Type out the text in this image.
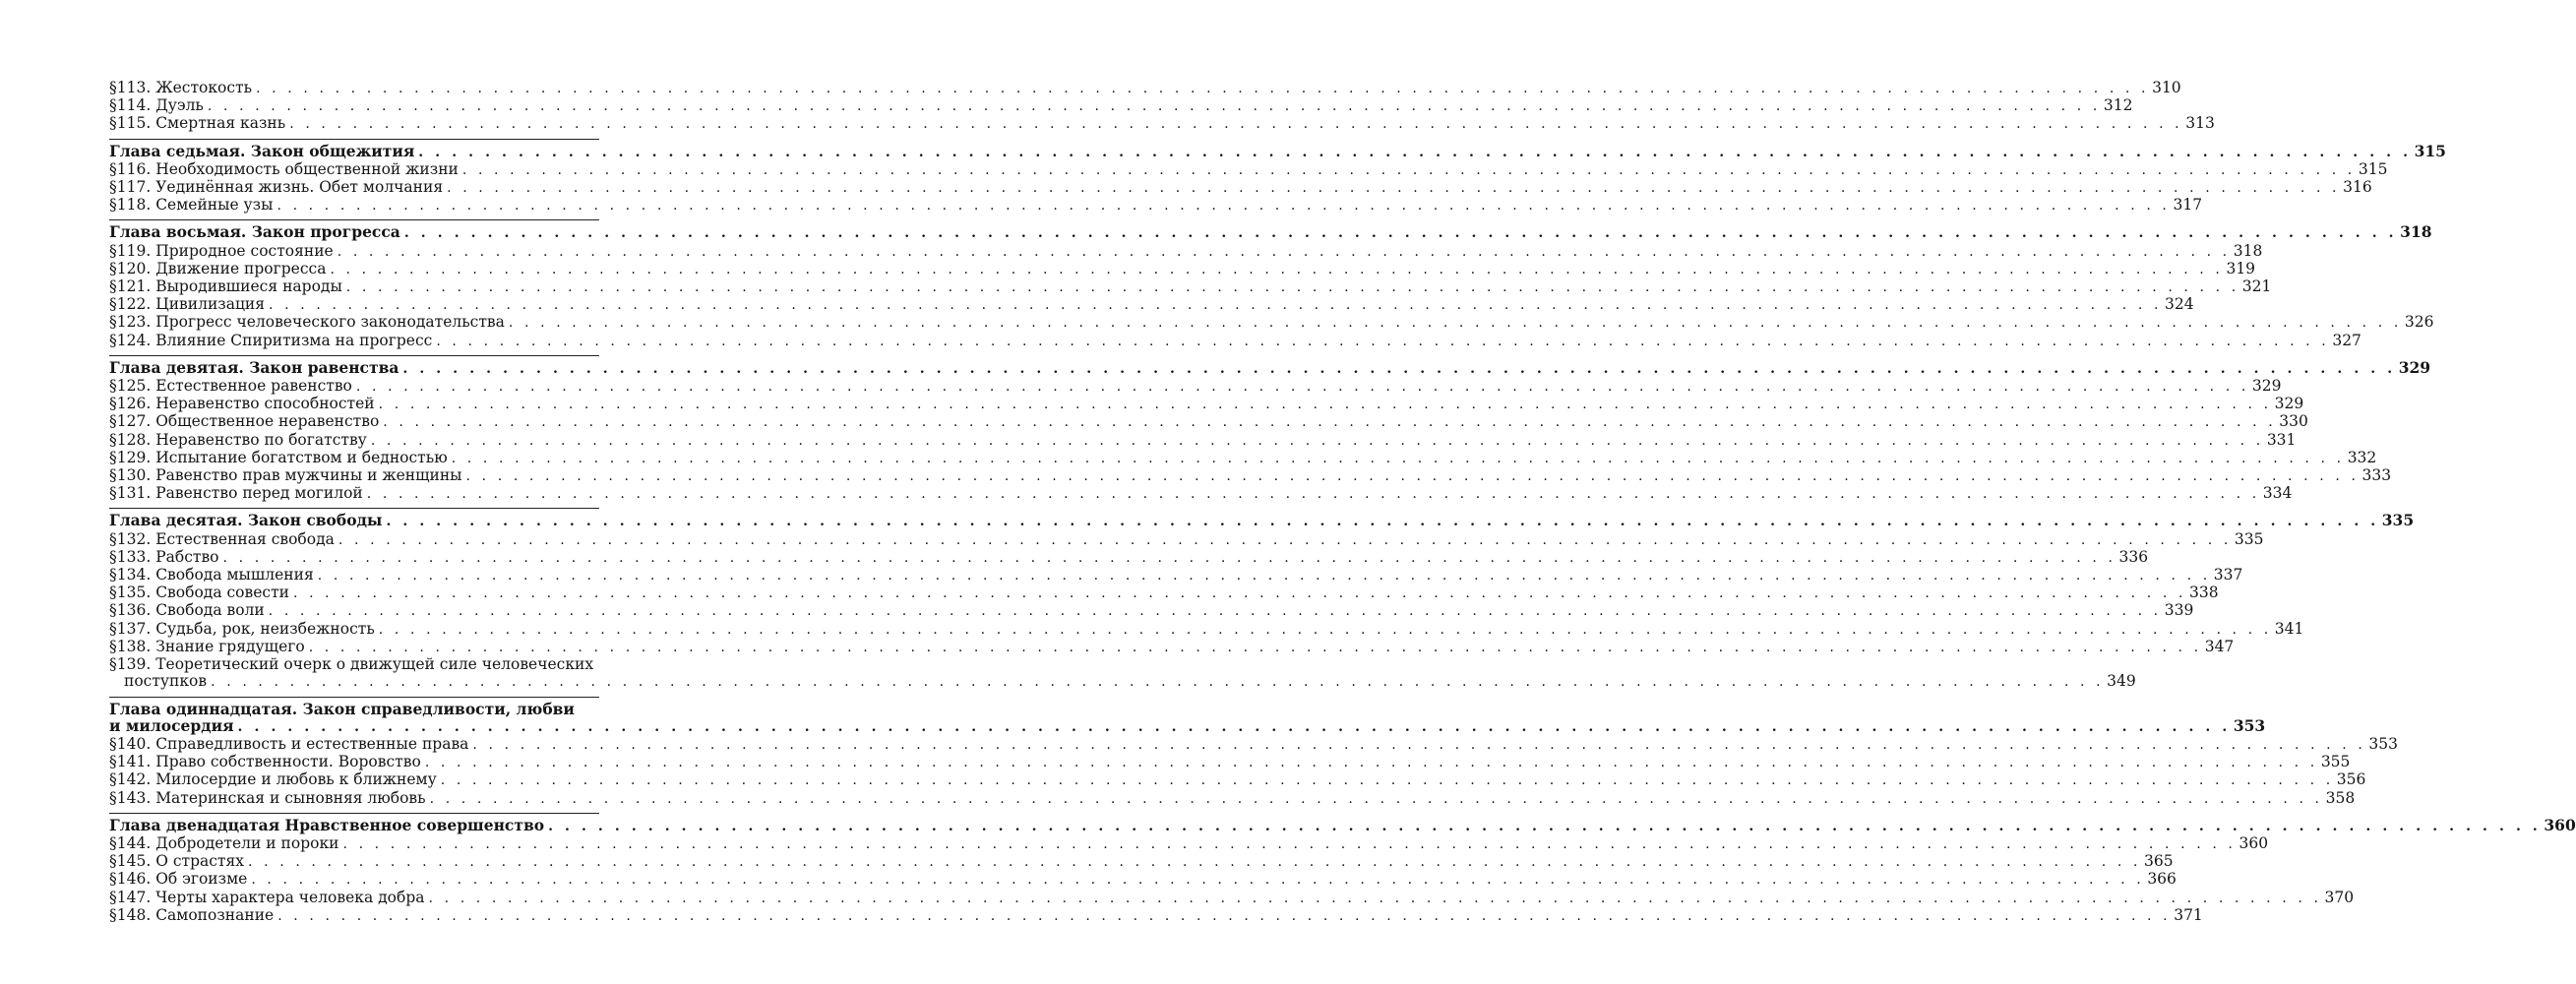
§113. Жестокость . . . . . . . . . . . . . . . . . . . . . . . . . . . . . . . . . . . . . . . . . . . . . . . . . . . . . . . . . . . . . . . . . . . . . . . . . . . . . . . . . . . . . . . . . . . . . . . . . . . . . . . . . . . . . . . . . . . . . . . . 310
§114. Дуэль . . . . . . . . . . . . . . . . . . . . . . . . . . . . . . . . . . . . . . . . . . . . . . . . . . . . . . . . . . . . . . . . . . . . . . . . . . . . . . . . . . . . . . . . . . . . . . . . . . . . . . . . . . . . . . . . . . . . . . . . 312
§115. Смертная казнь . . . . . . . . . . . . . . . . . . . . . . . . . . . . . . . . . . . . . . . . . . . . . . . . . . . . . . . . . . . . . . . . . . . . . . . . . . . . . . . . . . . . . . . . . . . . . . . . . . . . . . . . . . . . . . . . . . . . . . . . 313
Глава седьмая. Закон общежития . . . . . . . . . . . . . . . . . . . . . . . . . . . . . . . . . . . . . . . . . . . . . . . . . . . . . . . . . . . . . . . . . . . . . . . . . . . . . . . . . . . . . . . . . . . . . . . . . . . . . . . . . . . . . . . . . . . . . . . . 315
§116. Необходимость общественной жизни . . . . . . . . . . . . . . . . . . . . . . . . . . . . . . . . . . . . . . . . . . . . . . . . . . . . . . . . . . . . . . . . . . . . . . . . . . . . . . . . . . . . . . . . . . . . . . . . . . . . . . . . . . . . . . . . . . . . . . . . 315
§117. Уединённая жизнь. Обет молчания . . . . . . . . . . . . . . . . . . . . . . . . . . . . . . . . . . . . . . . . . . . . . . . . . . . . . . . . . . . . . . . . . . . . . . . . . . . . . . . . . . . . . . . . . . . . . . . . . . . . . . . . . . . . . . . . . . . . . . . . 316
§118. Семейные узы . . . . . . . . . . . . . . . . . . . . . . . . . . . . . . . . . . . . . . . . . . . . . . . . . . . . . . . . . . . . . . . . . . . . . . . . . . . . . . . . . . . . . . . . . . . . . . . . . . . . . . . . . . . . . . . . . . . . . . . . 317
Глава восьмая. Закон прогресса . . . . . . . . . . . . . . . . . . . . . . . . . . . . . . . . . . . . . . . . . . . . . . . . . . . . . . . . . . . . . . . . . . . . . . . . . . . . . . . . . . . . . . . . . . . . . . . . . . . . . . . . . . . . . . . . . . . . . . . . 318
§119. Природное состояние . . . . . . . . . . . . . . . . . . . . . . . . . . . . . . . . . . . . . . . . . . . . . . . . . . . . . . . . . . . . . . . . . . . . . . . . . . . . . . . . . . . . . . . . . . . . . . . . . . . . . . . . . . . . . . . . . . . . . . . . 318
§120. Движение прогресса . . . . . . . . . . . . . . . . . . . . . . . . . . . . . . . . . . . . . . . . . . . . . . . . . . . . . . . . . . . . . . . . . . . . . . . . . . . . . . . . . . . . . . . . . . . . . . . . . . . . . . . . . . . . . . . . . . . . . . . . 319
§121. Выродившиеся народы . . . . . . . . . . . . . . . . . . . . . . . . . . . . . . . . . . . . . . . . . . . . . . . . . . . . . . . . . . . . . . . . . . . . . . . . . . . . . . . . . . . . . . . . . . . . . . . . . . . . . . . . . . . . . . . . . . . . . . . . 321
§122. Цивилизация . . . . . . . . . . . . . . . . . . . . . . . . . . . . . . . . . . . . . . . . . . . . . . . . . . . . . . . . . . . . . . . . . . . . . . . . . . . . . . . . . . . . . . . . . . . . . . . . . . . . . . . . . . . . . . . . . . . . . . . . 324
§123. Прогресс человеческого законодательства . . . . . . . . . . . . . . . . . . . . . . . . . . . . . . . . . . . . . . . . . . . . . . . . . . . . . . . . . . . . . . . . . . . . . . . . . . . . . . . . . . . . . . . . . . . . . . . . . . . . . . . . . . . . . . . . . . . . . . . . 326
§124. Влияние Спиритизма на прогресс . . . . . . . . . . . . . . . . . . . . . . . . . . . . . . . . . . . . . . . . . . . . . . . . . . . . . . . . . . . . . . . . . . . . . . . . . . . . . . . . . . . . . . . . . . . . . . . . . . . . . . . . . . . . . . . . . . . . . . . . 327
Глава девятая. Закон равенства . . . . . . . . . . . . . . . . . . . . . . . . . . . . . . . . . . . . . . . . . . . . . . . . . . . . . . . . . . . . . . . . . . . . . . . . . . . . . . . . . . . . . . . . . . . . . . . . . . . . . . . . . . . . . . . . . . . . . . . . 329
§125. Естественное равенство . . . . . . . . . . . . . . . . . . . . . . . . . . . . . . . . . . . . . . . . . . . . . . . . . . . . . . . . . . . . . . . . . . . . . . . . . . . . . . . . . . . . . . . . . . . . . . . . . . . . . . . . . . . . . . . . . . . . . . . . 329
§126. Неравенство способностей . . . . . . . . . . . . . . . . . . . . . . . . . . . . . . . . . . . . . . . . . . . . . . . . . . . . . . . . . . . . . . . . . . . . . . . . . . . . . . . . . . . . . . . . . . . . . . . . . . . . . . . . . . . . . . . . . . . . . . . . 329
§127. Общественное неравенство . . . . . . . . . . . . . . . . . . . . . . . . . . . . . . . . . . . . . . . . . . . . . . . . . . . . . . . . . . . . . . . . . . . . . . . . . . . . . . . . . . . . . . . . . . . . . . . . . . . . . . . . . . . . . . . . . . . . . . . . 330
§128. Неравенство по богатству . . . . . . . . . . . . . . . . . . . . . . . . . . . . . . . . . . . . . . . . . . . . . . . . . . . . . . . . . . . . . . . . . . . . . . . . . . . . . . . . . . . . . . . . . . . . . . . . . . . . . . . . . . . . . . . . . . . . . . . . 331
§129. Испытание богатством и бедностью . . . . . . . . . . . . . . . . . . . . . . . . . . . . . . . . . . . . . . . . . . . . . . . . . . . . . . . . . . . . . . . . . . . . . . . . . . . . . . . . . . . . . . . . . . . . . . . . . . . . . . . . . . . . . . . . . . . . . . . . 332
§130. Равенство прав мужчины и женщины . . . . . . . . . . . . . . . . . . . . . . . . . . . . . . . . . . . . . . . . . . . . . . . . . . . . . . . . . . . . . . . . . . . . . . . . . . . . . . . . . . . . . . . . . . . . . . . . . . . . . . . . . . . . . . . . . . . . . . . . 333
§131. Равенство перед могилой . . . . . . . . . . . . . . . . . . . . . . . . . . . . . . . . . . . . . . . . . . . . . . . . . . . . . . . . . . . . . . . . . . . . . . . . . . . . . . . . . . . . . . . . . . . . . . . . . . . . . . . . . . . . . . . . . . . . . . . . 334
Глава десятая. Закон свободы . . . . . . . . . . . . . . . . . . . . . . . . . . . . . . . . . . . . . . . . . . . . . . . . . . . . . . . . . . . . . . . . . . . . . . . . . . . . . . . . . . . . . . . . . . . . . . . . . . . . . . . . . . . . . . . . . . . . . . . . 335
§132. Естественная свобода . . . . . . . . . . . . . . . . . . . . . . . . . . . . . . . . . . . . . . . . . . . . . . . . . . . . . . . . . . . . . . . . . . . . . . . . . . . . . . . . . . . . . . . . . . . . . . . . . . . . . . . . . . . . . . . . . . . . . . . . 335
§133. Рабство . . . . . . . . . . . . . . . . . . . . . . . . . . . . . . . . . . . . . . . . . . . . . . . . . . . . . . . . . . . . . . . . . . . . . . . . . . . . . . . . . . . . . . . . . . . . . . . . . . . . . . . . . . . . . . . . . . . . . . . . 336
§134. Свобода мышления . . . . . . . . . . . . . . . . . . . . . . . . . . . . . . . . . . . . . . . . . . . . . . . . . . . . . . . . . . . . . . . . . . . . . . . . . . . . . . . . . . . . . . . . . . . . . . . . . . . . . . . . . . . . . . . . . . . . . . . . 337
§135. Свобода совести . . . . . . . . . . . . . . . . . . . . . . . . . . . . . . . . . . . . . . . . . . . . . . . . . . . . . . . . . . . . . . . . . . . . . . . . . . . . . . . . . . . . . . . . . . . . . . . . . . . . . . . . . . . . . . . . . . . . . . . . 338
§136. Свобода воли . . . . . . . . . . . . . . . . . . . . . . . . . . . . . . . . . . . . . . . . . . . . . . . . . . . . . . . . . . . . . . . . . . . . . . . . . . . . . . . . . . . . . . . . . . . . . . . . . . . . . . . . . . . . . . . . . . . . . . . . 339
§137. Судьба, рок, неизбежность . . . . . . . . . . . . . . . . . . . . . . . . . . . . . . . . . . . . . . . . . . . . . . . . . . . . . . . . . . . . . . . . . . . . . . . . . . . . . . . . . . . . . . . . . . . . . . . . . . . . . . . . . . . . . . . . . . . . . . . . 341
§138. Знание грядущего . . . . . . . . . . . . . . . . . . . . . . . . . . . . . . . . . . . . . . . . . . . . . . . . . . . . . . . . . . . . . . . . . . . . . . . . . . . . . . . . . . . . . . . . . . . . . . . . . . . . . . . . . . . . . . . . . . . . . . . . 347
§139. Теоретический очерк о движущей силе человеческих
поступков . . . . . . . . . . . . . . . . . . . . . . . . . . . . . . . . . . . . . . . . . . . . . . . . . . . . . . . . . . . . . . . . . . . . . . . . . . . . . . . . . . . . . . . . . . . . . . . . . . . . . . . . . . . . . . . . . . . . . . . . 349
Глава одиннадцатая. Закон справедливости, любви
и милосердия . . . . . . . . . . . . . . . . . . . . . . . . . . . . . . . . . . . . . . . . . . . . . . . . . . . . . . . . . . . . . . . . . . . . . . . . . . . . . . . . . . . . . . . . . . . . . . . . . . . . . . . . . . . . . . . . . . . . . . . . 353
§140. Справедливость и естественные права . . . . . . . . . . . . . . . . . . . . . . . . . . . . . . . . . . . . . . . . . . . . . . . . . . . . . . . . . . . . . . . . . . . . . . . . . . . . . . . . . . . . . . . . . . . . . . . . . . . . . . . . . . . . . . . . . . . . . . . . 353
§141. Право собственности. Воровство . . . . . . . . . . . . . . . . . . . . . . . . . . . . . . . . . . . . . . . . . . . . . . . . . . . . . . . . . . . . . . . . . . . . . . . . . . . . . . . . . . . . . . . . . . . . . . . . . . . . . . . . . . . . . . . . . . . . . . . . 355
§142. Милосердие и любовь к ближнему . . . . . . . . . . . . . . . . . . . . . . . . . . . . . . . . . . . . . . . . . . . . . . . . . . . . . . . . . . . . . . . . . . . . . . . . . . . . . . . . . . . . . . . . . . . . . . . . . . . . . . . . . . . . . . . . . . . . . . . . 356
§143. Материнская и сыновняя любовь . . . . . . . . . . . . . . . . . . . . . . . . . . . . . . . . . . . . . . . . . . . . . . . . . . . . . . . . . . . . . . . . . . . . . . . . . . . . . . . . . . . . . . . . . . . . . . . . . . . . . . . . . . . . . . . . . . . . . . . . 358
Глава двенадцатая Нравственное совершенство . . . . . . . . . . . . . . . . . . . . . . . . . . . . . . . . . . . . . . . . . . . . . . . . . . . . . . . . . . . . . . . . . . . . . . . . . . . . . . . . . . . . . . . . . . . . . . . . . . . . . . . . . . . . . . . . . . . . . . . . 360
§144. Добродетели и пороки . . . . . . . . . . . . . . . . . . . . . . . . . . . . . . . . . . . . . . . . . . . . . . . . . . . . . . . . . . . . . . . . . . . . . . . . . . . . . . . . . . . . . . . . . . . . . . . . . . . . . . . . . . . . . . . . . . . . . . . . 360
§145. О страстях . . . . . . . . . . . . . . . . . . . . . . . . . . . . . . . . . . . . . . . . . . . . . . . . . . . . . . . . . . . . . . . . . . . . . . . . . . . . . . . . . . . . . . . . . . . . . . . . . . . . . . . . . . . . . . . . . . . . . . . . 365
§146. Об эгоизме . . . . . . . . . . . . . . . . . . . . . . . . . . . . . . . . . . . . . . . . . . . . . . . . . . . . . . . . . . . . . . . . . . . . . . . . . . . . . . . . . . . . . . . . . . . . . . . . . . . . . . . . . . . . . . . . . . . . . . . . 366
§147. Черты характера человека добра . . . . . . . . . . . . . . . . . . . . . . . . . . . . . . . . . . . . . . . . . . . . . . . . . . . . . . . . . . . . . . . . . . . . . . . . . . . . . . . . . . . . . . . . . . . . . . . . . . . . . . . . . . . . . . . . . . . . . . . . 370
§148. Самопознание . . . . . . . . . . . . . . . . . . . . . . . . . . . . . . . . . . . . . . . . . . . . . . . . . . . . . . . . . . . . . . . . . . . . . . . . . . . . . . . . . . . . . . . . . . . . . . . . . . . . . . . . . . . . . . . . . . . . . . . . 371
